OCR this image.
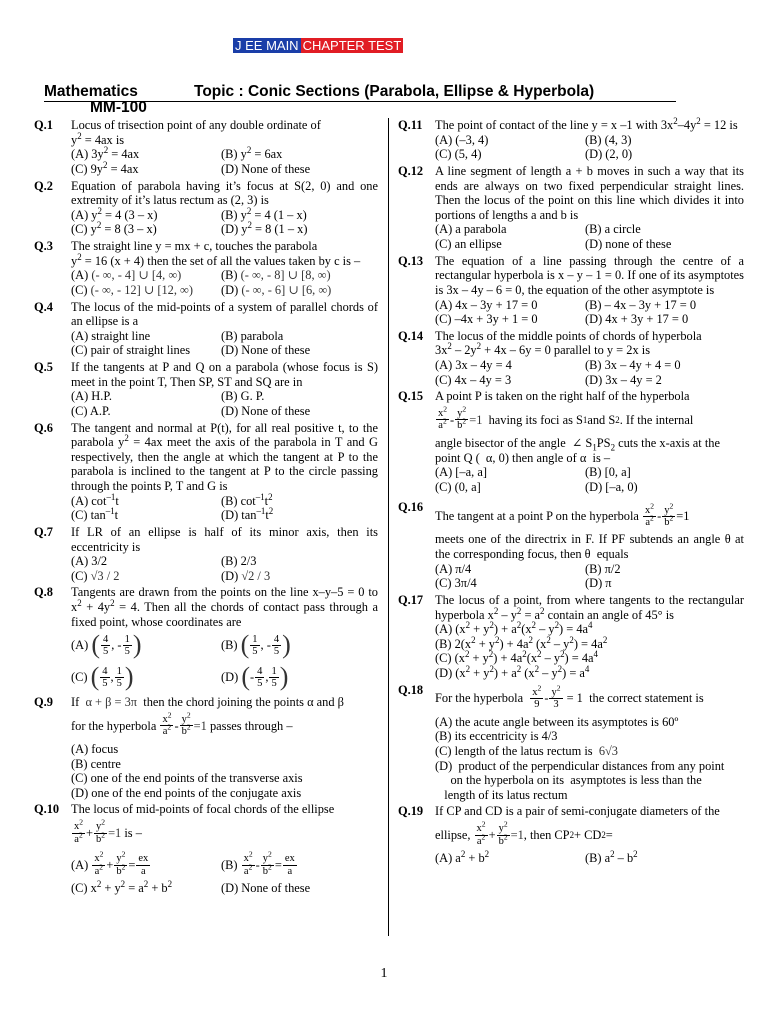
J EE MAIN CHAPTER TEST
Mathematics	Topic : Conic Sections (Parabola, Ellipse & Hyperbola)
MM-100
Q.1	Locus of trisection point of any double ordinate of
$y^2 = 4ax$ is
(A) $3y^2 = 4ax$	(B) $y^2 = 6ax$
(C) $9y^2 = 4ax$	(D) None of these
Q.2	Equation of parabola having it’s focus at S(2, 0) and one extremity of it’s latus rectum as (2, 3) is
(A) $y^2 = 4$ (3 – x)	(B) $y^2 = 4$ (1 – x)
(C) $y^2 = 8$ (3 – x)	(D) $y^2 = 8$ (1 – x)
Q.3	The straight line y = mx + c, touches the parabola
$y^2 = 16$ (x + 4) then the set of all the values taken by c is –
(A) (- ∞, - 4] ∪ [4, ∞)	(B) (- ∞, - 8] ∪ [8, ∞)
(C) (- ∞, - 12] ∪ [12, ∞)	(D) (- ∞, - 6] ∪ [6, ∞)
Q.4	The locus of the mid-points of a system of parallel chords of an ellipse is a
(A) straight line	(B) parabola
(C) pair of straight lines	(D) None of these
Q.5	If the tangents at P and Q on a parabola (whose focus is S) meet in the point T, Then SP, ST and SQ are in
(A) H.P.	(B) G. P.
(C) A.P.	(D) None of these
Q.6	The tangent and normal at P(t), for all real positive t, to the parabola $y^2 = 4ax$ meet the axis of the parabola in T and G respectively, then the angle at which the tangent at P to the parabola is inclined to the tangent at P to the circle passing through the points P, T and G is
(A) $\cot^{-1}t$	(B) $\cot^{-1}t^2$
(C) $\tan^{-1}t$	(D) $\tan^{-1}t^2$
Q.7	If LR of an ellipse is half of its minor axis, then its eccentricity is
(A) 3/2	(B) 2/3
(C) √3 / 2	(D) √2 / 3
Q.8	Tangents are drawn from the points on the line x–y–5 = 0 to $x^2 + 4y^2 = 4$. Then all the chords of contact pass through a fixed point, whose coordinates are
(A) ( $\frac{4}{5}$ , - $\frac{1}{5}$ )	(B) ( $\frac{1}{5}$ , - $\frac{4}{5}$ )
(C) ( $\frac{4}{5}$ , $\frac{1}{5}$ )	(D) ( - $\frac{4}{5}$ , $\frac{1}{5}$ )
Q.9	If  α + β = 3π  then the chord joining the points α and β
for the hyperbola $\frac{x^2}{a^2} - \frac{y^2}{b^2} =1$
passes through –
(A) focus
(B) centre
(C) one of the end points of the transverse axis
(D) one of the end points of the conjugate axis
Q.10 The locus of mid-points of focal chords of the ellipse
$\frac{x^2}{a^2} + \frac{y^2}{b^2} =1$ is –
$(A) \frac{x^2}{a^2} + \frac{y^2}{b^2} = \frac{ex}{a}$	$(B) \frac{x^2}{a^2} - \frac{y^2}{b^2} = \frac{ex}{a}$
(C) $x^2 + y^2 = a^2 + b^2$	(D) None of these
Q.11	The point of contact of the line y = x –1 with $3x^2-4y^2 = 12$ is
(A) (–3, 4)	(B) (4, 3)
(C) (5, 4)	(D) (2, 0)
Q.12 A line segment of length a + b moves in such a way that its ends are always on two fixed perpendicular straight lines. Then the locus of the point on this line which divides it into portions of lengths a and b is
(A) a parabola	(B) a circle
(C) an ellipse	(D) none of these
Q.13 The equation of a line passing through the centre of a rectangular hyperbola is x – y – 1 = 0. If one of its asymptotes is 3x – 4y – 6 = 0, the equation of the other asymptote is
(A) 4x – 3y + 17 = 0	(B) – 4x – 3y + 17 = 0
(C) –4x + 3y + 1 = 0	(D) 4x + 3y + 17 = 0
Q.14 The locus of the middle points of chords of hyperbola
$3x^2 - 2y^2 + 4x - 6y = 0$ parallel to y = 2x is
(A) 3x – 4y = 4	(B) 3x – 4y + 4 = 0
(C) 4x – 4y = 3	(D) 3x – 4y = 2
Q.15 A point P is taken on the right half of the hyperbola
$\frac{x^2}{a^2} - \frac{y^2}{b^2} =1$ having its foci as S 1 and S 2 . If the internal
angle bisector of the angle  ∠ $S_1PS_2$ cuts the x-axis at the point Q (  α, 0) then angle of α  is –
(A) [–a, a]	(B) [0, a]
(C) (0, a]	(D) [–a, 0)
Q.16
The tangent at a point P on the hyperbola
$\frac{x^2}{a^2} - \frac{y^2}{b^2} =1$
meets one of the directrix in F. If PF subtends an angle θ at the corresponding focus, then θ  equals
(A) π/4	(B) π/2
(C) 3π/4	(D) π
Q.17 The locus of a point, from where tangents to the rectangular hyperbola $x^2 - y^2 = a^2$ contain an angle of 45° is
(A) $(x^2 + y^2) + a^2(x^2 - y^2) = 4a^4$
(B) $2(x^2 + y^2) + 4a^2$ $(x^2 - y^2) = 4a^2$
(C) $(x^2 + y^2) + 4a^2(x^2 - y^2) = 4a^4$
(D) $(x^2 + y^2) + a^2$ $(x^2 - y^2) = a^4$
Q.18
For the hyperbola
$\frac{x^2}{9} - \frac{y^2}{3} = 1$  the correct statement is
(A) the acute angle between its asymptotes is 60º
(B) its eccentricity is 4/3
(C) length of the latus rectum is 6√3
(D)  product of the perpendicular distances from any point
on the hyperbola on its  asymptotes is less than the
length of its latus rectum
Q.19 If CP and CD is a pair of semi-conjugate diameters of the
ellipse, $\frac{x^2}{a^2} + \frac{y^2}{b^2} =1$ , then CP 2 + CD 2 =
(A) $a^2 + b^2$	(B) $a^2 - b^2$
1
